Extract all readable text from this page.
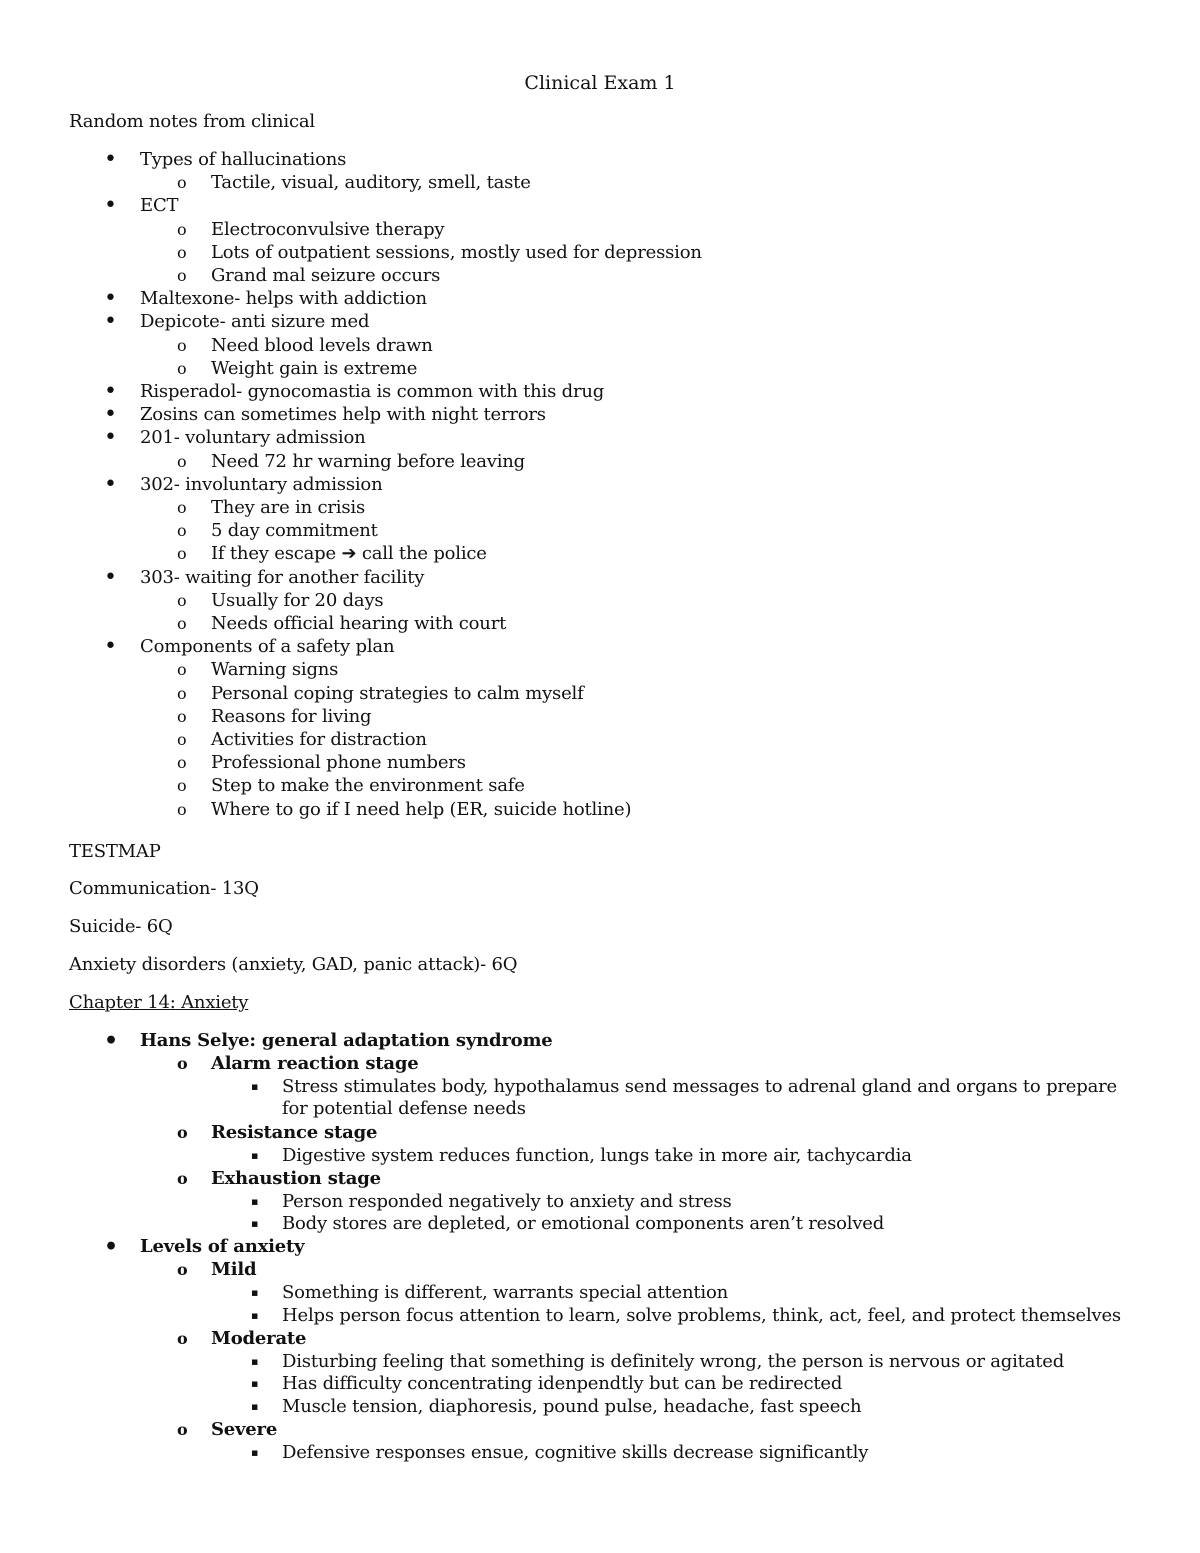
Clinical Exam 1
Random notes from clinical
• Types of hallucinations
o Tactile, visual, auditory, smell, taste
• ECT
o Electroconvulsive therapy
o Lots of outpatient sessions, mostly used for depression
o Grand mal seizure occurs
• Maltexone- helps with addiction
• Depicote- anti sizure med
o Need blood levels drawn
o Weight gain is extreme
• Risperadol- gynocomastia is common with this drug
• Zosins can sometimes help with night terrors
• 201- voluntary admission
o Need 72 hr warning before leaving
• 302- involuntary admission
o They are in crisis
o 5 day commitment
o If they escape ➔ call the police
• 303- waiting for another facility
o Usually for 20 days
o Needs official hearing with court
• Components of a safety plan
o Warning signs
o Personal coping strategies to calm myself
o Reasons for living
o Activities for distraction
o Professional phone numbers
o Step to make the environment safe
o Where to go if I need help (ER, suicide hotline)
TESTMAP
Communication- 13Q
Suicide- 6Q
Anxiety disorders (anxiety, GAD, panic attack)- 6Q
Chapter 14: Anxiety
• Hans Selye: general adaptation syndrome
o Alarm reaction stage
▪ Stress stimulates body, hypothalamus send messages to adrenal gland and organs to prepare for potential defense needs
o Resistance stage
▪ Digestive system reduces function, lungs take in more air, tachycardia
o Exhaustion stage
▪ Person responded negatively to anxiety and stress
▪ Body stores are depleted, or emotional components aren’t resolved
• Levels of anxiety
o Mild
▪ Something is different, warrants special attention
▪ Helps person focus attention to learn, solve problems, think, act, feel, and protect themselves
o Moderate
▪ Disturbing feeling that something is definitely wrong, the person is nervous or agitated
▪ Has difficulty concentrating idenpendtly but can be redirected
▪ Muscle tension, diaphoresis, pound pulse, headache, fast speech
o Severe
▪ Defensive responses ensue, cognitive skills decrease significantly
